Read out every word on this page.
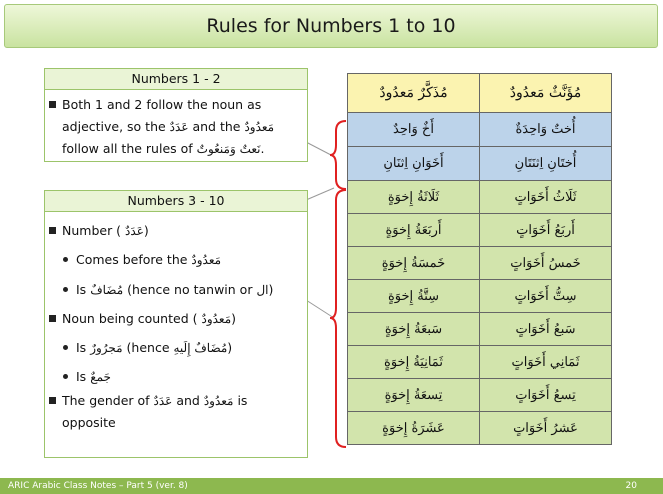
Rules for Numbers 1 to 10
Numbers 1 - 2
Both 1 and 2 follow the noun as
adjective, so the عَدَدٌ and the مَعدُودٌ
follow all the rules of نَعتٌ وَمَنعُوتٌ.
Numbers 3 - 10
Number ( عَدَدٌ)
Comes before the مَعدُودٌ
Is مُضَافٌ (hence no tanwin or ال)
Noun being counted ( مَعدُودٌ)
Is مَجرُورٌ (hence مُضَافٌ إِلَيهِ)
Is جَمعٌ
The gender of عَدَدٌ and مَعدُودٌ is
opposite
مُذَكَّرٌ مَعدُودٌ	مُؤَنَّثٌ مَعدُودٌ
أَخٌ وَاحِدٌ	أُختٌ وَاحِدَةٌ
أَخَوَانِ اِثنَانِ	أُختَانِ اِثنَتَانِ
ثَلَاثَةُ إِخوَةٍ	ثَلَاثُ أَخَوَاتٍ
أَربَعَةُ إِخوَةٍ	أَربَعُ أَخَوَاتٍ
خَمسَةُ إِخوَةٍ	خَمسُ أَخَوَاتٍ
سِتَّةُ إِخوَةٍ	سِتُّ أَخَوَاتٍ
سَبعَةُ إِخوَةٍ	سَبعُ أَخَوَاتٍ
ثَمَانِيَةُ إِخوَةٍ	ثَمَانِي أَخَوَاتٍ
تِسعَةُ إِخوَةٍ	تِسعُ أَخَوَاتٍ
عَشَرَةُ إِخوَةٍ	عَشرُ أَخَوَاتٍ
ARIC Arabic Class Notes – Part 5 (ver. 8)	20
